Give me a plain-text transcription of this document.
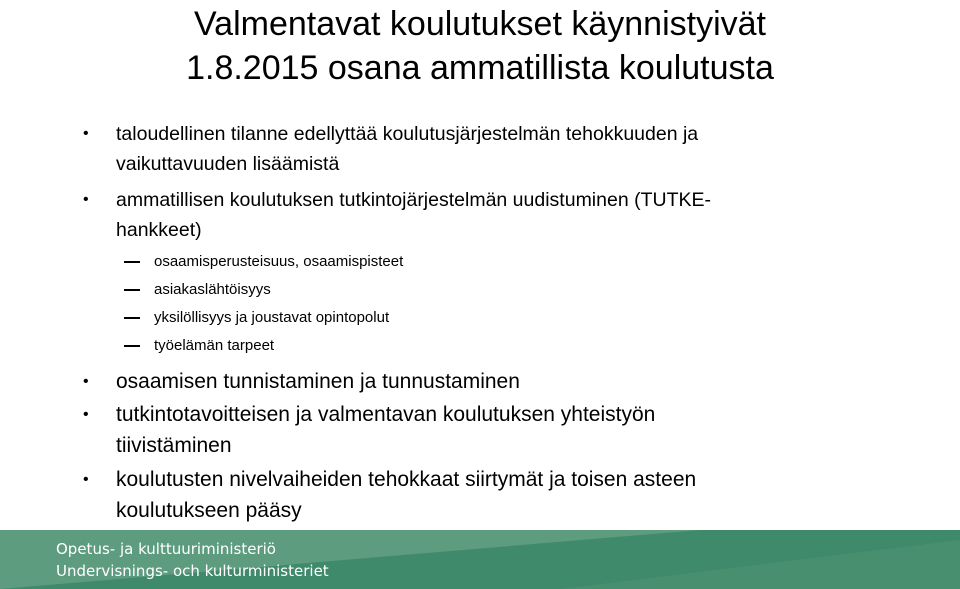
Valmentavat koulutukset käynnistyivät
1.8.2015 osana ammatillista koulutusta
• taloudellinen tilanne edellyttää koulutusjärjestelmän tehokkuuden ja
vaikuttavuuden lisäämistä
• ammatillisen koulutuksen tutkintojärjestelmän uudistuminen (TUTKE-
hankkeet)
osaamisperusteisuus, osaamispisteet
asiakaslähtöisyys
yksilöllisyys ja joustavat opintopolut
työelämän tarpeet
• osaamisen tunnistaminen ja tunnustaminen
• tutkintotavoitteisen ja valmentavan koulutuksen yhteistyön
tiivistäminen
• koulutusten nivelvaiheiden tehokkaat siirtymät ja toisen asteen
koulutukseen pääsy
Opetus- ja kulttuuriministeriö
Undervisnings- och kulturministeriet
